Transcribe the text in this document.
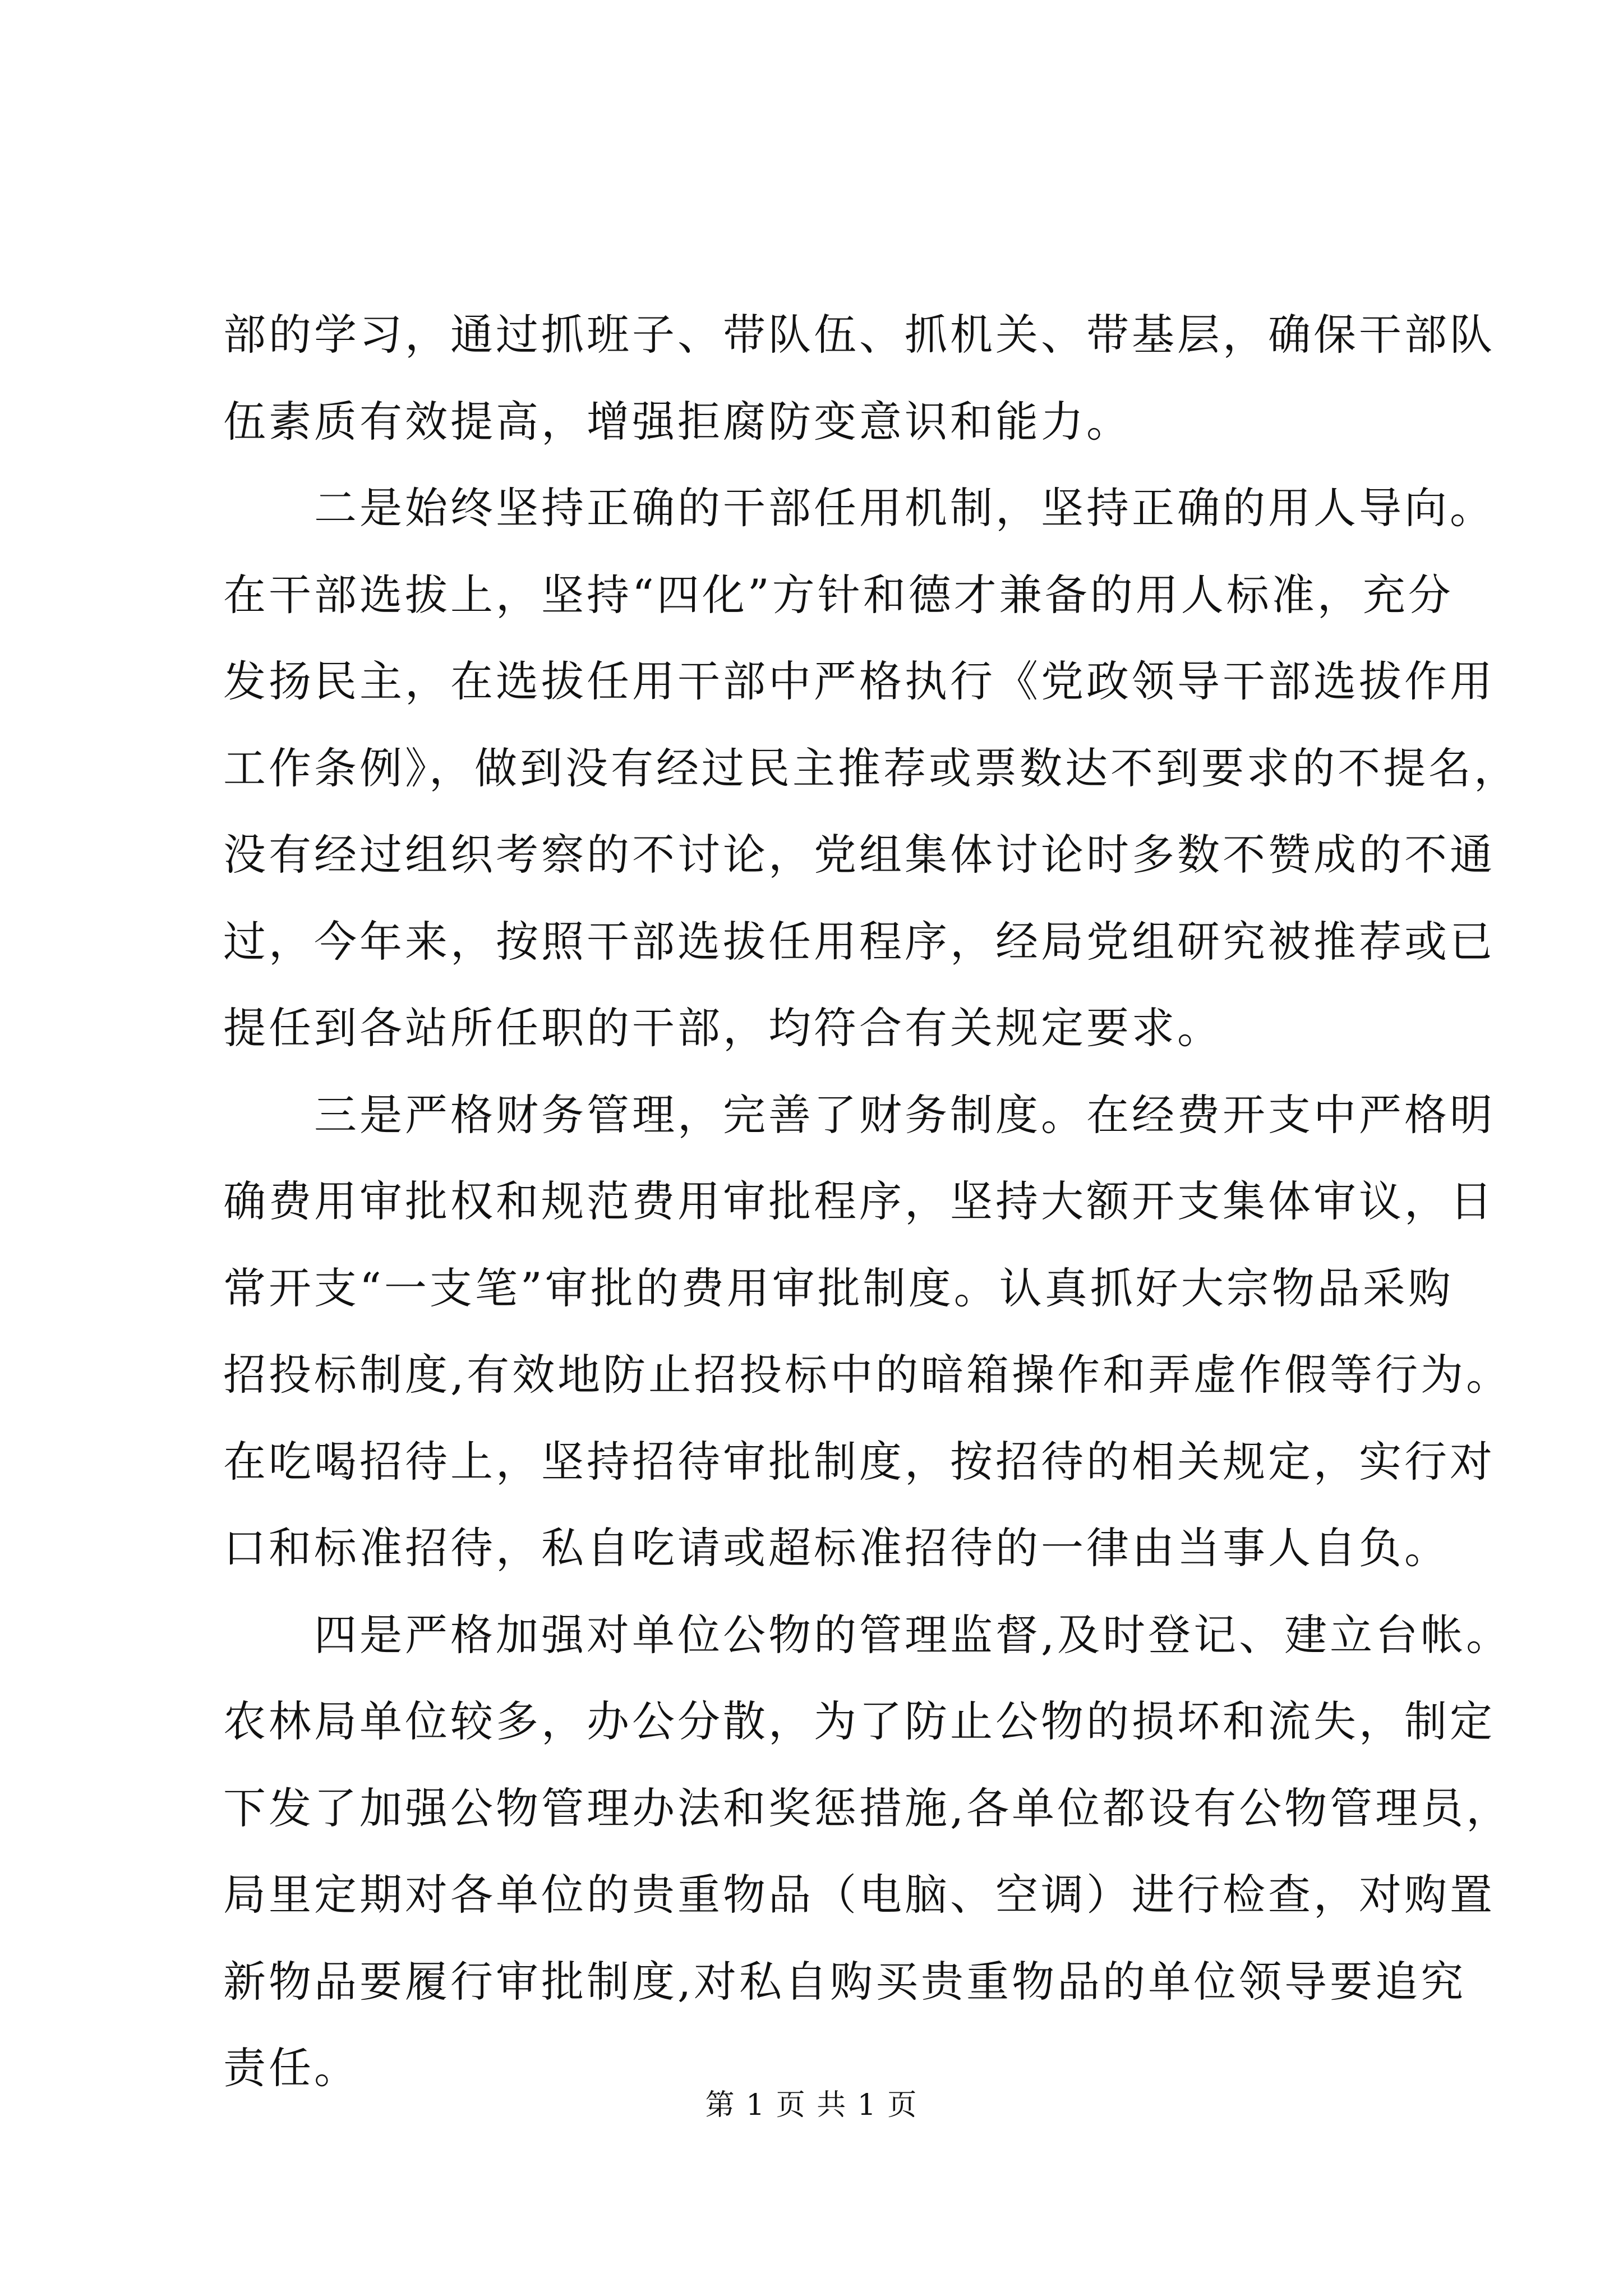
部的学习，通过抓班子、带队伍、抓机关、带基层，确保干部队
伍素质有效提高，增强拒腐防变意识和能力。

二是始终坚持正确的干部任用机制，坚持正确的用人导向。
在干部选拔上，坚持“四化”方针和德才兼备的用人标准，充分
发扬民主，在选拔任用干部中严格执行《党政领导干部选拔作用
工作条例》，做到没有经过民主推荐或票数达不到要求的不提名，
没有经过组织考察的不讨论，党组集体讨论时多数不赞成的不通
过，今年来，按照干部选拔任用程序，经局党组研究被推荐或已
提任到各站所任职的干部，均符合有关规定要求。

三是严格财务管理，完善了财务制度。在经费开支中严格明
确费用审批权和规范费用审批程序，坚持大额开支集体审议，日
常开支“一支笔”审批的费用审批制度。认真抓好大宗物品采购
招投标制度,有效地防止招投标中的暗箱操作和弄虚作假等行为。
在吃喝招待上，坚持招待审批制度，按招待的相关规定，实行对
口和标准招待，私自吃请或超标准招待的一律由当事人自负。

四是严格加强对单位公物的管理监督,及时登记、建立台帐。
农林局单位较多，办公分散，为了防止公物的损坏和流失，制定
下发了加强公物管理办法和奖惩措施,各单位都设有公物管理员，
局里定期对各单位的贵重物品（电脑、空调）进行检查，对购置
新物品要履行审批制度,对私自购买贵重物品的单位领导要追究
责任。

第 1 页 共 1 页
